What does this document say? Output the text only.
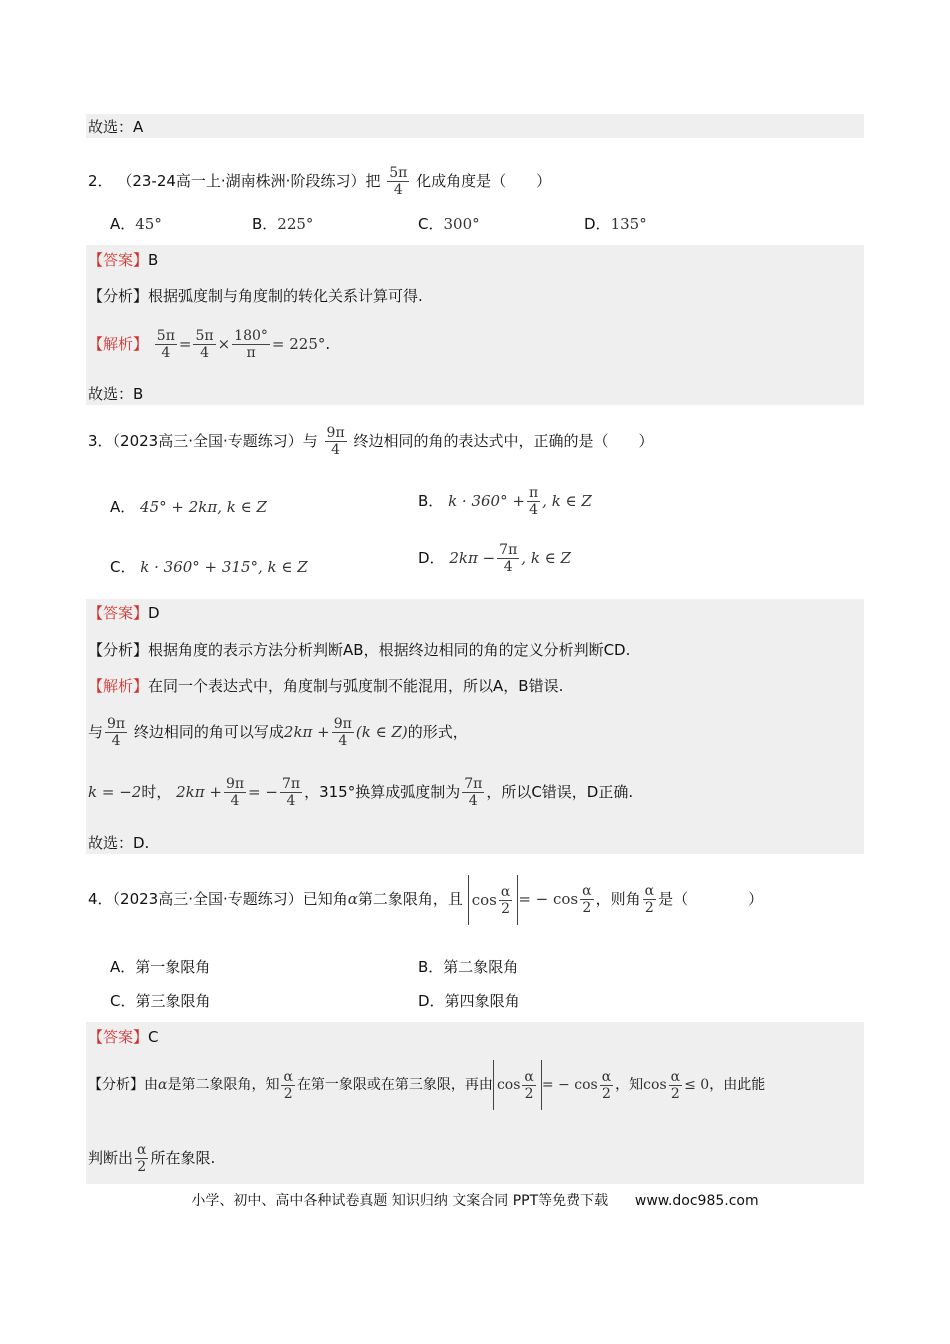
故选：A
2． （23-24高一上·湖南株洲·阶段练习）把 $\frac{5\pi}{4}$ 化成角度是（　　）
A．45°	B．225°	C．300°	D．135°
【答案】B
【分析】根据弧度制与角度制的转化关系计算可得.
【解析】 $\frac{5\pi}{4} = \frac{5\pi}{4} \times \frac{180^\circ}{\pi} = 225^\circ$.
故选：B
3．（2023高三·全国·专题练习）与 $\frac{9\pi}{4}$ 终边相同的角的表达式中，正确的是（　　）
A． 45° + 2kπ, k ∈ Z	B． $k \cdot 360^\circ + \frac{\pi}{4}$ , k ∈ Z
C． k · 360° + 315°, k ∈ Z	D． $2k\pi - \frac{7\pi}{4}$ , k ∈ Z
【答案】D
【分析】根据角度的表示方法分析判断AB，根据终边相同的角的定义分析判断CD.
【解析】在同一个表达式中，角度制与弧度制不能混用，所以A，B错误.
与 $\frac{9\pi}{4}$ 终边相同的角可以写成$2k\pi + \frac{9\pi}{4} (k$ ∈ Z)的形式，
k = −2时， $2k\pi + \frac{9\pi}{4}$ = − $\frac{7\pi}{4}$ ，315°换算成弧度制为 $\frac{7\pi}{4}$ ，所以C错误，D正确.
故选：D.
4．（2023高三·全国·专题练习）已知角α第二象限角，且 $\cos \frac{\alpha}{2}$ = − $\cos \frac{\alpha}{2}$ ，则角 $\frac{\alpha}{2}$ 是（　　　　）
A．第一象限角	B．第二象限角
C．第三象限角	D．第四象限角
【答案】C
【分析】由α是第二象限角，知 $\frac{\alpha}{2}$ 在第一象限或在第三象限，再由 $\cos \frac{\alpha}{2}$ = − $\cos \frac{\alpha}{2}$ ，知$\cos \frac{\alpha}{2} \le 0$，由此能
判断出 $\frac{\alpha}{2}$ 所在象限.
小学、初中、高中各种试卷真题 知识归纳 文案合同 PPT等免费下载 www.doc985.com
